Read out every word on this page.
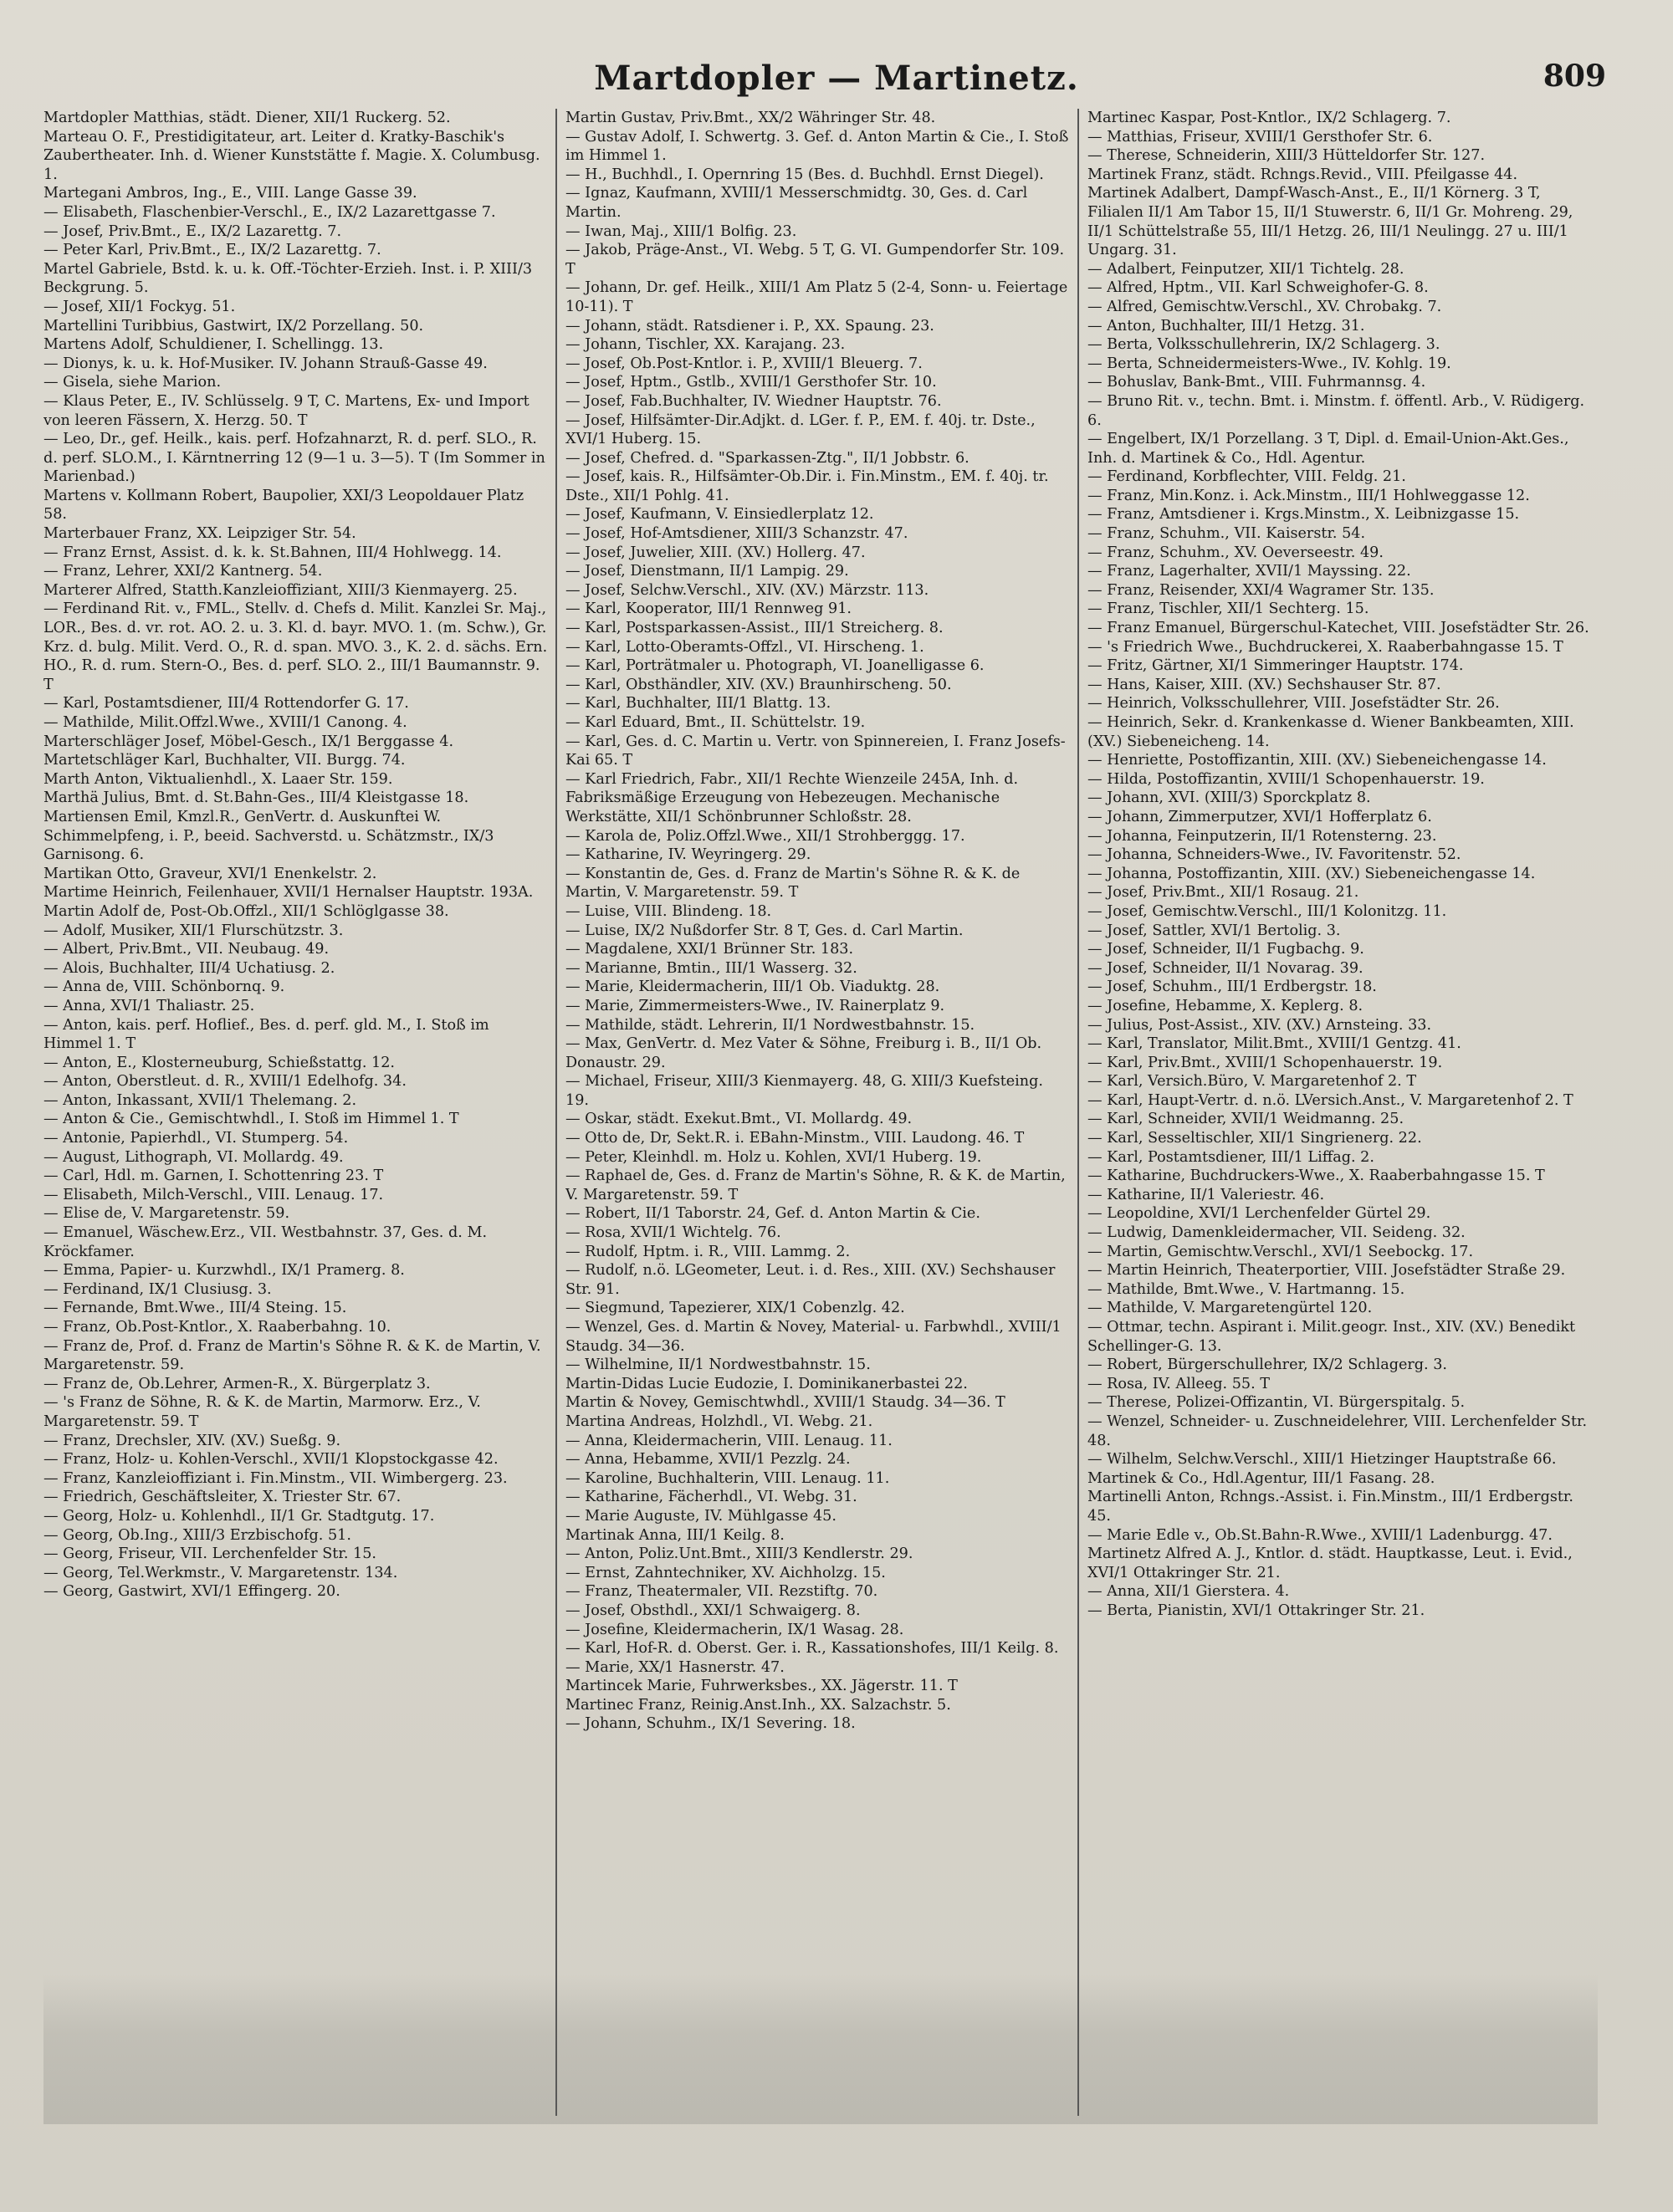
Martdopler — Martinetz.	809
Martdopler Matthias, städt. Diener, XII/1 Ruckerg. 52.
Marteau O. F., Prestidigitateur, art. Leiter d. Kratky-Baschik's Zaubertheater. Inh. d. Wiener Kunststätte f. Magie. X. Columbusg. 1.
Martegani Ambros, Ing., E., VIII. Lange Gasse 39.
— Elisabeth, Flaschenbier-Verschl., E., IX/2 Lazarettgasse 7.
— Josef, Priv.Bmt., E., IX/2 Lazarettg. 7.
— Peter Karl, Priv.Bmt., E., IX/2 Lazarettg. 7.
Martel Gabriele, Bstd. k. u. k. Off.-Töchter-Erzieh. Inst. i. P. XIII/3 Beckgrung. 5.
— Josef, XII/1 Fockyg. 51.
Martellini Turibbius, Gastwirt, IX/2 Porzellang. 50.
Martens Adolf, Schuldiener, I. Schellingg. 13.
— Dionys, k. u. k. Hof-Musiker. IV. Johann Strauß-Gasse 49.
— Gisela, siehe Marion.
— Klaus Peter, E., IV. Schlüsselg. 9 T, C. Martens, Ex- und Import von leeren Fässern, X. Herzg. 50. T
— Leo, Dr., gef. Heilk., kais. perf. Hofzahnarzt, R. d. perf. SLO., R. d. perf. SLO.M., I. Kärntnerring 12 (9—1 u. 3—5). T (Im Sommer in Marienbad.)
Martens v. Kollmann Robert, Baupolier, XXI/3 Leopoldauer Platz 58.
Marterbauer Franz, XX. Leipziger Str. 54.
— Franz Ernst, Assist. d. k. k. St.Bahnen, III/4 Hohlwegg. 14.
— Franz, Lehrer, XXI/2 Kantnerg. 54.
Marterer Alfred, Statth.Kanzleioffiziant, XIII/3 Kienmayerg. 25.
— Ferdinand Rit. v., FML., Stellv. d. Chefs d. Milit. Kanzlei Sr. Maj., LOR., Bes. d. vr. rot. AO. 2. u. 3. Kl. d. bayr. MVO. 1. (m. Schw.), Gr. Krz. d. bulg. Milit. Verd. O., R. d. span. MVO. 3., K. 2. d. sächs. Ern. HO., R. d. rum. Stern-O., Bes. d. perf. SLO. 2., III/1 Baumannstr. 9. T
— Karl, Postamtsdiener, III/4 Rottendorfer G. 17.
— Mathilde, Milit.Offzl.Wwe., XVIII/1 Canong. 4.
Marterschläger Josef, Möbel-Gesch., IX/1 Berggasse 4.
Martetschläger Karl, Buchhalter, VII. Burgg. 74.
Marth Anton, Viktualienhdl., X. Laaer Str. 159.
Marthä Julius, Bmt. d. St.Bahn-Ges., III/4 Kleistgasse 18.
Martiensen Emil, Kmzl.R., GenVertr. d. Auskunftei W. Schimmelpfeng, i. P., beeid. Sachverstd. u. Schätzmstr., IX/3 Garnisong. 6.
Martikan Otto, Graveur, XVI/1 Enenkelstr. 2.
Martime Heinrich, Feilenhauer, XVII/1 Hernalser Hauptstr. 193A.
Martin Adolf de, Post-Ob.Offzl., XII/1 Schlöglgasse 38.
— Adolf, Musiker, XII/1 Flurschützstr. 3.
— Albert, Priv.Bmt., VII. Neubaug. 49.
— Alois, Buchhalter, III/4 Uchatiusg. 2.
— Anna de, VIII. Schönbornq. 9.
— Anna, XVI/1 Thaliastr. 25.
— Anton, kais. perf. Hoflief., Bes. d. perf. gld. M., I. Stoß im Himmel 1. T
— Anton, E., Klosterneuburg, Schießstattg. 12.
— Anton, Oberstleut. d. R., XVIII/1 Edelhofg. 34.
— Anton, Inkassant, XVII/1 Thelemang. 2.
— Anton & Cie., Gemischtwhdl., I. Stoß im Himmel 1. T
— Antonie, Papierhdl., VI. Stumperg. 54.
— August, Lithograph, VI. Mollardg. 49.
— Carl, Hdl. m. Garnen, I. Schottenring 23. T
— Elisabeth, Milch-Verschl., VIII. Lenaug. 17.
— Elise de, V. Margaretenstr. 59.
— Emanuel, Wäschew.Erz., VII. Westbahnstr. 37, Ges. d. M. Kröckfamer.
— Emma, Papier- u. Kurzwhdl., IX/1 Pramerg. 8.
— Ferdinand, IX/1 Clusiusg. 3.
— Fernande, Bmt.Wwe., III/4 Steing. 15.
— Franz, Ob.Post-Kntlor., X. Raaberbahng. 10.
— Franz de, Prof. d. Franz de Martin's Söhne R. & K. de Martin, V. Margaretenstr. 59.
— Franz de, Ob.Lehrer, Armen-R., X. Bürgerplatz 3.
— 's Franz de Söhne, R. & K. de Martin, Marmorw. Erz., V. Margaretenstr. 59. T
— Franz, Drechsler, XIV. (XV.) Sueßg. 9.
— Franz, Holz- u. Kohlen-Verschl., XVII/1 Klopstockgasse 42.
— Franz, Kanzleioffiziant i. Fin.Minstm., VII. Wimbergerg. 23.
— Friedrich, Geschäftsleiter, X. Triester Str. 67.
— Georg, Holz- u. Kohlenhdl., II/1 Gr. Stadtgutg. 17.
— Georg, Ob.Ing., XIII/3 Erzbischofg. 51.
— Georg, Friseur, VII. Lerchenfelder Str. 15.
— Georg, Tel.Werkmstr., V. Margaretenstr. 134.
— Georg, Gastwirt, XVI/1 Effingerg. 20.
Martin Gustav, Priv.Bmt., XX/2 Währinger Str. 48.
— Gustav Adolf, I. Schwertg. 3. Gef. d. Anton Martin & Cie., I. Stoß im Himmel 1.
— H., Buchhdl., I. Opernring 15 (Bes. d. Buchhdl. Ernst Diegel).
— Ignaz, Kaufmann, XVIII/1 Messerschmidtg. 30, Ges. d. Carl Martin.
— Iwan, Maj., XIII/1 Bolfig. 23.
— Jakob, Präge-Anst., VI. Webg. 5 T, G. VI. Gumpendorfer Str. 109. T
— Johann, Dr. gef. Heilk., XIII/1 Am Platz 5 (2-4, Sonn- u. Feiertage 10-11). T
— Johann, städt. Ratsdiener i. P., XX. Spaung. 23.
— Johann, Tischler, XX. Karajang. 23.
— Josef, Ob.Post-Kntlor. i. P., XVIII/1 Bleuerg. 7.
— Josef, Hptm., Gstlb., XVIII/1 Gersthofer Str. 10.
— Josef, Fab.Buchhalter, IV. Wiedner Hauptstr. 76.
— Josef, Hilfsämter-Dir.Adjkt. d. LGer. f. P., EM. f. 40j. tr. Dste., XVI/1 Huberg. 15.
— Josef, Chefred. d. "Sparkassen-Ztg.", II/1 Jobbstr. 6.
— Josef, kais. R., Hilfsämter-Ob.Dir. i. Fin.Minstm., EM. f. 40j. tr. Dste., XII/1 Pohlg. 41.
— Josef, Kaufmann, V. Einsiedlerplatz 12.
— Josef, Hof-Amtsdiener, XIII/3 Schanzstr. 47.
— Josef, Juwelier, XIII. (XV.) Hollerg. 47.
— Josef, Dienstmann, II/1 Lampig. 29.
— Josef, Selchw.Verschl., XIV. (XV.) Märzstr. 113.
— Karl, Kooperator, III/1 Rennweg 91.
— Karl, Postsparkassen-Assist., III/1 Streicherg. 8.
— Karl, Lotto-Oberamts-Offzl., VI. Hirscheng. 1.
— Karl, Porträtmaler u. Photograph, VI. Joanelligasse 6.
— Karl, Obsthändler, XIV. (XV.) Braunhirscheng. 50.
— Karl, Buchhalter, III/1 Blattg. 13.
— Karl Eduard, Bmt., II. Schüttelstr. 19.
— Karl, Ges. d. C. Martin u. Vertr. von Spinnereien, I. Franz Josefs-Kai 65. T
— Karl Friedrich, Fabr., XII/1 Rechte Wienzeile 245A, Inh. d. Fabriksmäßige Erzeugung von Hebezeugen. Mechanische Werkstätte, XII/1 Schönbrunner Schloßstr. 28.
— Karola de, Poliz.Offzl.Wwe., XII/1 Strohberggg. 17.
— Katharine, IV. Weyringerg. 29.
— Konstantin de, Ges. d. Franz de Martin's Söhne R. & K. de Martin, V. Margaretenstr. 59. T
— Luise, VIII. Blindeng. 18.
— Luise, IX/2 Nußdorfer Str. 8 T, Ges. d. Carl Martin.
— Magdalene, XXI/1 Brünner Str. 183.
— Marianne, Bmtin., III/1 Wasserg. 32.
— Marie, Kleidermacherin, III/1 Ob. Viaduktg. 28.
— Marie, Zimmermeisters-Wwe., IV. Rainerplatz 9.
— Mathilde, städt. Lehrerin, II/1 Nordwestbahnstr. 15.
— Max, GenVertr. d. Mez Vater & Söhne, Freiburg i. B., II/1 Ob. Donaustr. 29.
— Michael, Friseur, XIII/3 Kienmayerg. 48, G. XIII/3 Kuefsteing. 19.
— Oskar, städt. Exekut.Bmt., VI. Mollardg. 49.
— Otto de, Dr, Sekt.R. i. EBahn-Minstm., VIII. Laudong. 46. T
— Peter, Kleinhdl. m. Holz u. Kohlen, XVI/1 Huberg. 19.
— Raphael de, Ges. d. Franz de Martin's Söhne, R. & K. de Martin, V. Margaretenstr. 59. T
— Robert, II/1 Taborstr. 24, Gef. d. Anton Martin & Cie.
— Rosa, XVII/1 Wichtelg. 76.
— Rudolf, Hptm. i. R., VIII. Lammg. 2.
— Rudolf, n.ö. LGeometer, Leut. i. d. Res., XIII. (XV.) Sechshauser Str. 91.
— Siegmund, Tapezierer, XIX/1 Cobenzlg. 42.
— Wenzel, Ges. d. Martin & Novey, Material- u. Farbwhdl., XVIII/1 Staudg. 34—36.
— Wilhelmine, II/1 Nordwestbahnstr. 15.
Martin-Didas Lucie Eudozie, I. Dominikanerbastei 22.
Martin & Novey, Gemischtwhdl., XVIII/1 Staudg. 34—36. T
Martina Andreas, Holzhdl., VI. Webg. 21.
— Anna, Kleidermacherin, VIII. Lenaug. 11.
— Anna, Hebamme, XVII/1 Pezzlg. 24.
— Karoline, Buchhalterin, VIII. Lenaug. 11.
— Katharine, Fächerhdl., VI. Webg. 31.
— Marie Auguste, IV. Mühlgasse 45.
Martinak Anna, III/1 Keilg. 8.
— Anton, Poliz.Unt.Bmt., XIII/3 Kendlerstr. 29.
— Ernst, Zahntechniker, XV. Aichholzg. 15.
— Franz, Theatermaler, VII. Rezstiftg. 70.
— Josef, Obsthdl., XXI/1 Schwaigerg. 8.
— Josefine, Kleidermacherin, IX/1 Wasag. 28.
— Karl, Hof-R. d. Oberst. Ger. i. R., Kassationshofes, III/1 Keilg. 8.
— Marie, XX/1 Hasnerstr. 47.
Martincek Marie, Fuhrwerksbes., XX. Jägerstr. 11. T
Martinec Franz, Reinig.Anst.Inh., XX. Salzachstr. 5.
— Johann, Schuhm., IX/1 Severing. 18.
Martinec Kaspar, Post-Kntlor., IX/2 Schlagerg. 7.
— Matthias, Friseur, XVIII/1 Gersthofer Str. 6.
— Therese, Schneiderin, XIII/3 Hütteldorfer Str. 127.
Martinek Franz, städt. Rchngs.Revid., VIII. Pfeilgasse 44.
Martinek Adalbert, Dampf-Wasch-Anst., E., II/1 Körnerg. 3 T, Filialen II/1 Am Tabor 15, II/1 Stuwerstr. 6, II/1 Gr. Mohreng. 29, II/1 Schüttelstraße 55, III/1 Hetzg. 26, III/1 Neulingg. 27 u. III/1 Ungarg. 31.
— Adalbert, Feinputzer, XII/1 Tichtelg. 28.
— Alfred, Hptm., VII. Karl Schweighofer-G. 8.
— Alfred, Gemischtw.Verschl., XV. Chrobakg. 7.
— Anton, Buchhalter, III/1 Hetzg. 31.
— Berta, Volksschullehrerin, IX/2 Schlagerg. 3.
— Berta, Schneidermeisters-Wwe., IV. Kohlg. 19.
— Bohuslav, Bank-Bmt., VIII. Fuhrmannsg. 4.
— Bruno Rit. v., techn. Bmt. i. Minstm. f. öffentl. Arb., V. Rüdigerg. 6.
— Engelbert, IX/1 Porzellang. 3 T, Dipl. d. Email-Union-Akt.Ges., Inh. d. Martinek & Co., Hdl. Agentur.
— Ferdinand, Korbflechter, VIII. Feldg. 21.
— Franz, Min.Konz. i. Ack.Minstm., III/1 Hohlweggasse 12.
— Franz, Amtsdiener i. Krgs.Minstm., X. Leibnizgasse 15.
— Franz, Schuhm., VII. Kaiserstr. 54.
— Franz, Schuhm., XV. Oeverseestr. 49.
— Franz, Lagerhalter, XVII/1 Mayssing. 22.
— Franz, Reisender, XXI/4 Wagramer Str. 135.
— Franz, Tischler, XII/1 Sechterg. 15.
— Franz Emanuel, Bürgerschul-Katechet, VIII. Josefstädter Str. 26.
— 's Friedrich Wwe., Buchdruckerei, X. Raaberbahngasse 15. T
— Fritz, Gärtner, XI/1 Simmeringer Hauptstr. 174.
— Hans, Kaiser, XIII. (XV.) Sechshauser Str. 87.
— Heinrich, Volksschullehrer, VIII. Josefstädter Str. 26.
— Heinrich, Sekr. d. Krankenkasse d. Wiener Bankbeamten, XIII. (XV.) Siebeneicheng. 14.
— Henriette, Postoffizantin, XIII. (XV.) Siebeneichengasse 14.
— Hilda, Postoffizantin, XVIII/1 Schopenhauerstr. 19.
— Johann, XVI. (XIII/3) Sporckplatz 8.
— Johann, Zimmerputzer, XVI/1 Hofferplatz 6.
— Johanna, Feinputzerin, II/1 Rotensterng. 23.
— Johanna, Schneiders-Wwe., IV. Favoritenstr. 52.
— Johanna, Postoffizantin, XIII. (XV.) Siebeneichengasse 14.
— Josef, Priv.Bmt., XII/1 Rosaug. 21.
— Josef, Gemischtw.Verschl., III/1 Kolonitzg. 11.
— Josef, Sattler, XVI/1 Bertolig. 3.
— Josef, Schneider, II/1 Fugbachg. 9.
— Josef, Schneider, II/1 Novarag. 39.
— Josef, Schuhm., III/1 Erdbergstr. 18.
— Josefine, Hebamme, X. Keplerg. 8.
— Julius, Post-Assist., XIV. (XV.) Arnsteing. 33.
— Karl, Translator, Milit.Bmt., XVIII/1 Gentzg. 41.
— Karl, Priv.Bmt., XVIII/1 Schopenhauerstr. 19.
— Karl, Versich.Büro, V. Margaretenhof 2. T
— Karl, Haupt-Vertr. d. n.ö. LVersich.Anst., V. Margaretenhof 2. T
— Karl, Schneider, XVII/1 Weidmanng. 25.
— Karl, Sesseltischler, XII/1 Singrienerg. 22.
— Karl, Postamtsdiener, III/1 Liffag. 2.
— Katharine, Buchdruckers-Wwe., X. Raaberbahngasse 15. T
— Katharine, II/1 Valeriestr. 46.
— Leopoldine, XVI/1 Lerchenfelder Gürtel 29.
— Ludwig, Damenkleidermacher, VII. Seideng. 32.
— Martin, Gemischtw.Verschl., XVI/1 Seebockg. 17.
— Martin Heinrich, Theaterportier, VIII. Josefstädter Straße 29.
— Mathilde, Bmt.Wwe., V. Hartmanng. 15.
— Mathilde, V. Margaretengürtel 120.
— Ottmar, techn. Aspirant i. Milit.geogr. Inst., XIV. (XV.) Benedikt Schellinger-G. 13.
— Robert, Bürgerschullehrer, IX/2 Schlagerg. 3.
— Rosa, IV. Alleeg. 55. T
— Therese, Polizei-Offizantin, VI. Bürgerspitalg. 5.
— Wenzel, Schneider- u. Zuschneidelehrer, VIII. Lerchenfelder Str. 48.
— Wilhelm, Selchw.Verschl., XIII/1 Hietzinger Hauptstraße 66.
Martinek & Co., Hdl.Agentur, III/1 Fasang. 28.
Martinelli Anton, Rchngs.-Assist. i. Fin.Minstm., III/1 Erdbergstr. 45.
— Marie Edle v., Ob.St.Bahn-R.Wwe., XVIII/1 Ladenburgg. 47.
Martinetz Alfred A. J., Kntlor. d. städt. Hauptkasse, Leut. i. Evid., XVI/1 Ottakringer Str. 21.
— Anna, XII/1 Gierstera. 4.
— Berta, Pianistin, XVI/1 Ottakringer Str. 21.
